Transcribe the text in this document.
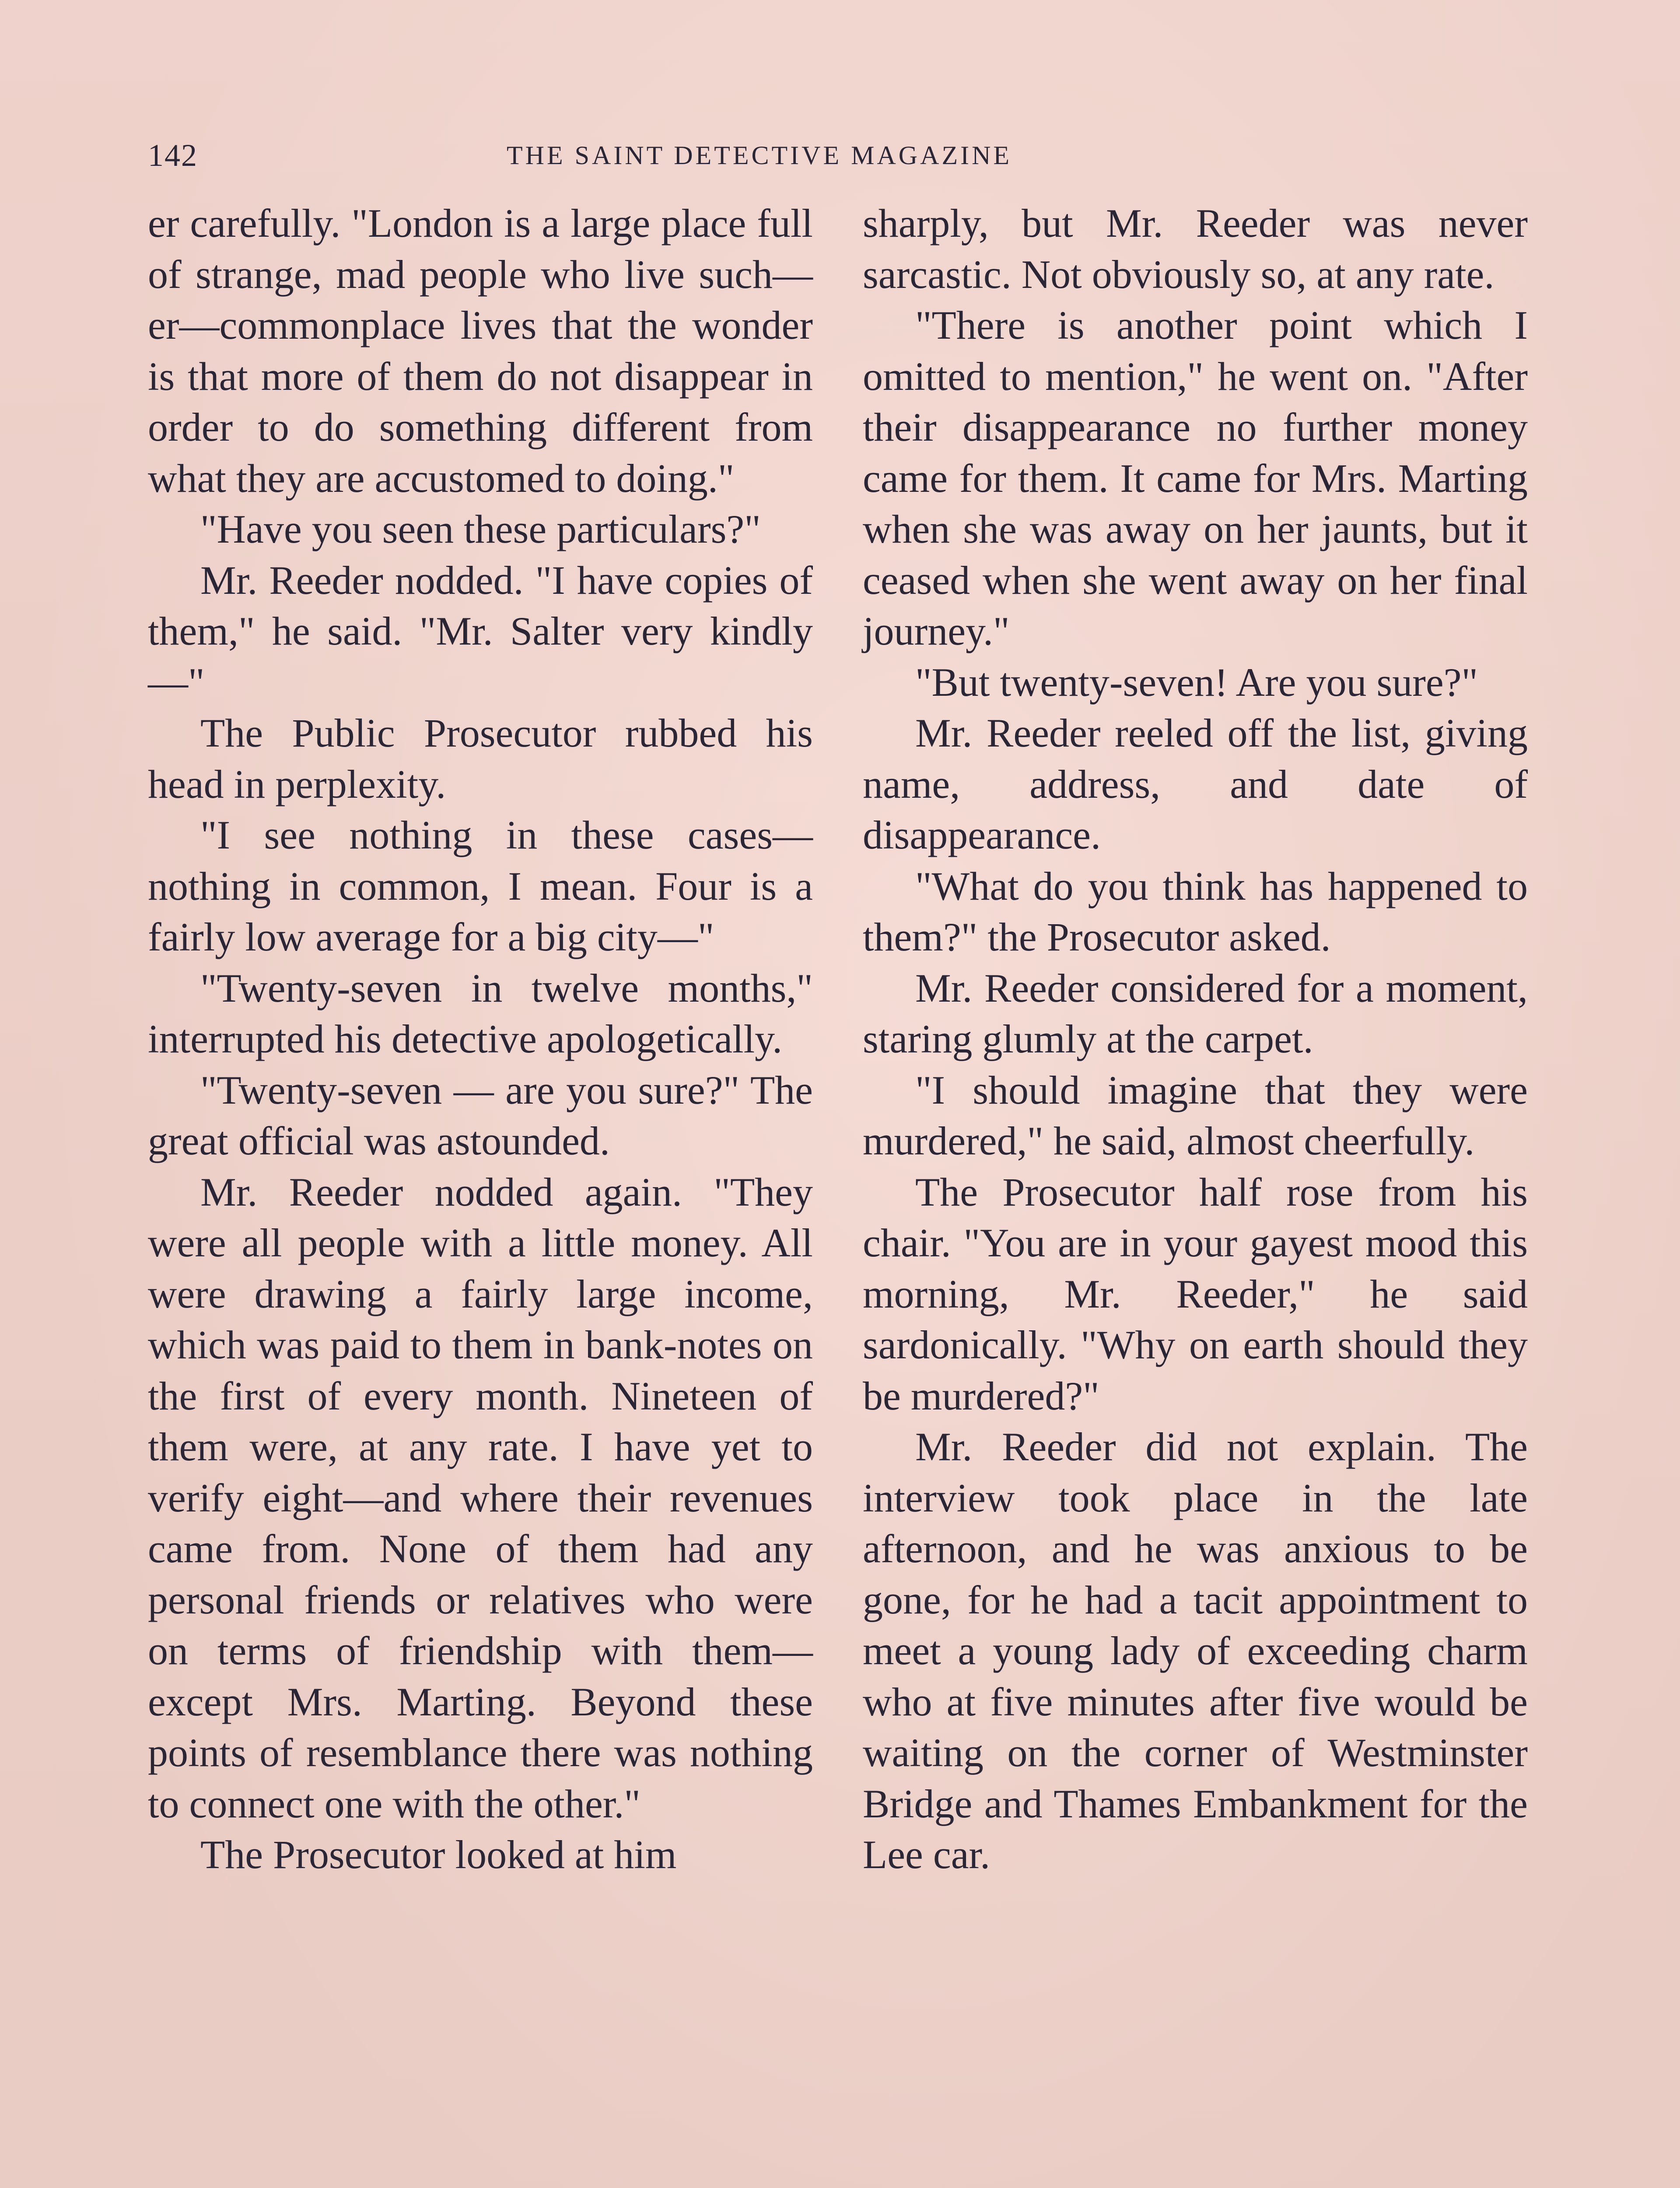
142	THE SAINT DETECTIVE MAGAZINE

er carefully. "London is a large place full of strange, mad people who live such—er—commonplace lives that the wonder is that more of them do not disappear in order to do something different from what they are accustomed to doing."

"Have you seen these particulars?"

Mr. Reeder nodded. "I have copies of them," he said. "Mr. Salter very kindly—"

The Public Prosecutor rubbed his head in perplexity.

"I see nothing in these cases—nothing in common, I mean. Four is a fairly low average for a big city—"

"Twenty-seven in twelve months," interrupted his detective apologetically.

"Twenty-seven — are you sure?" The great official was astounded.

Mr. Reeder nodded again. "They were all people with a little money. All were drawing a fairly large income, which was paid to them in bank-notes on the first of every month. Nineteen of them were, at any rate. I have yet to verify eight—and where their revenues came from. None of them had any personal friends or relatives who were on terms of friendship with them—except Mrs. Marting. Beyond these points of resemblance there was nothing to connect one with the other."

The Prosecutor looked at him

sharply, but Mr. Reeder was never sarcastic. Not obviously so, at any rate.

"There is another point which I omitted to mention," he went on. "After their disappearance no further money came for them. It came for Mrs. Marting when she was away on her jaunts, but it ceased when she went away on her final journey."

"But twenty-seven! Are you sure?"

Mr. Reeder reeled off the list, giving name, address, and date of disappearance.

"What do you think has happened to them?" the Prosecutor asked.

Mr. Reeder considered for a moment, staring glumly at the carpet.

"I should imagine that they were murdered," he said, almost cheerfully.

The Prosecutor half rose from his chair. "You are in your gayest mood this morning, Mr. Reeder," he said sardonically. "Why on earth should they be murdered?"

Mr. Reeder did not explain. The interview took place in the late afternoon, and he was anxious to be gone, for he had a tacit appointment to meet a young lady of exceeding charm who at five minutes after five would be waiting on the corner of Westminster Bridge and Thames Embankment for the Lee car.
